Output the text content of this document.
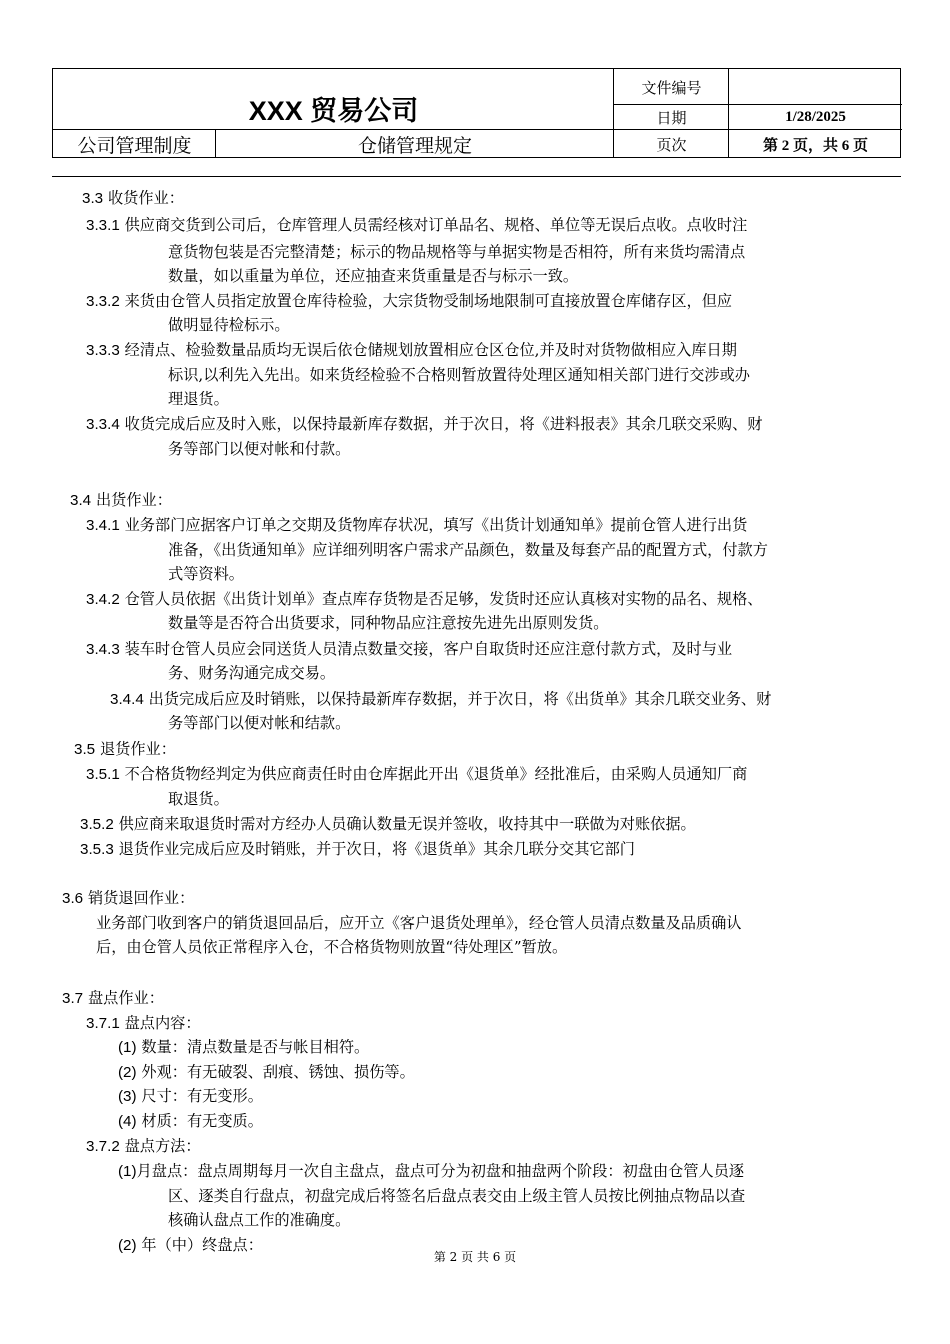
XXX 贸易公司
文件编号
日期	1/28/2025
公司管理制度	仓储管理规定	页次	第 2 页，共 6 页
3.3 收货作业：
3.3.1 供应商交货到公司后，仓库管理人员需经核对订单品名、规格、单位等无误后点收。点收时注
意货物包装是否完整清楚；标示的物品规格等与单据实物是否相符，所有来货均需清点
数量，如以重量为单位，还应抽查来货重量是否与标示一致。
3.3.2 来货由仓管人员指定放置仓库待检验，大宗货物受制场地限制可直接放置仓库储存区，但应
做明显待检标示。
3.3.3 经清点、检验数量品质均无误后依仓储规划放置相应仓区仓位,并及时对货物做相应入库日期
标识,以利先入先出。如来货经检验不合格则暂放置待处理区通知相关部门进行交涉或办
理退货。
3.3.4 收货完成后应及时入账，以保持最新库存数据，并于次日，将《进料报表》其余几联交采购、财
务等部门以便对帐和付款。
3.4 出货作业：
3.4.1 业务部门应据客户订单之交期及货物库存状况，填写《出货计划通知单》提前仓管人进行出货
准备，《出货通知单》应详细列明客户需求产品颜色，数量及每套产品的配置方式，付款方
式等资料。
3.4.2 仓管人员依据《出货计划单》查点库存货物是否足够，发货时还应认真核对实物的品名、规格、
数量等是否符合出货要求，同种物品应注意按先进先出原则发货。
3.4.3 装车时仓管人员应会同送货人员清点数量交接，客户自取货时还应注意付款方式，及时与业
务、财务沟通完成交易。
3.4.4 出货完成后应及时销账，以保持最新库存数据，并于次日，将《出货单》其余几联交业务、财
务等部门以便对帐和结款。
3.5 退货作业：
3.5.1 不合格货物经判定为供应商责任时由仓库据此开出《退货单》经批准后，由采购人员通知厂商
取退货。
3.5.2 供应商来取退货时需对方经办人员确认数量无误并签收，收持其中一联做为对账依据。
3.5.3 退货作业完成后应及时销账，并于次日，将《退货单》其余几联分交其它部门
3.6 销货退回作业：
业务部门收到客户的销货退回品后，应开立《客户退货处理单》，经仓管人员清点数量及品质确认
后，由仓管人员依正常程序入仓，不合格货物则放置“待处理区”暂放。
3.7 盘点作业：
3.7.1 盘点内容：
(1) 数量：清点数量是否与帐目相符。
(2) 外观：有无破裂、刮痕、锈蚀、损伤等。
(3) 尺寸：有无变形。
(4) 材质：有无变质。
3.7.2 盘点方法：
(1)月盘点：盘点周期每月一次自主盘点，盘点可分为初盘和抽盘两个阶段：初盘由仓管人员逐
区、逐类自行盘点，初盘完成后将签名后盘点表交由上级主管人员按比例抽点物品以查
核确认盘点工作的准确度。
(2) 年（中）终盘点：
第 2 页 共 6 页
